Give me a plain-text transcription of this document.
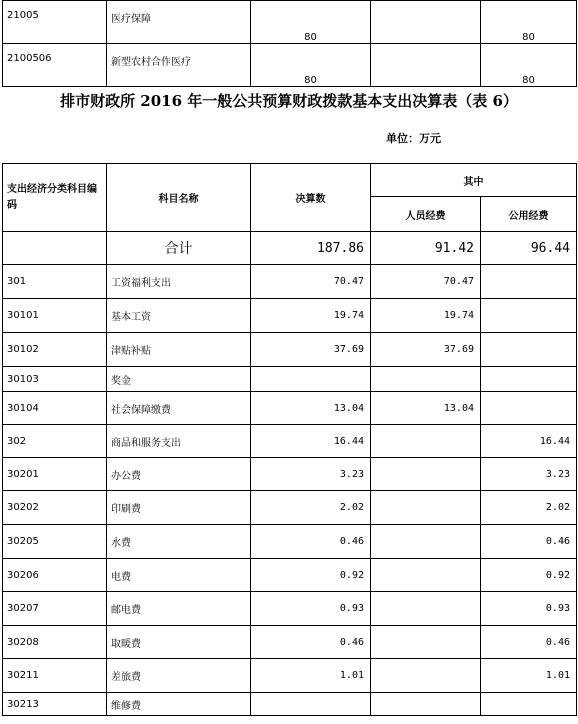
21005	医疗保障	80		80
2100506	新型农村合作医疗	80		80
排市财政所 2016 年一般公共预算财政拨款基本支出决算表（表 6）
单位：万元
支出经济分类科目编码	科目名称	决算数	其中	
			人员经费	公用经费
	合计	187.86	91.42	96.44
301	工资福利支出	70.47	70.47	
30101	基本工资	19.74	19.74	
30102	津贴补贴	37.69	37.69	
30103	奖金			
30104	社会保障缴费	13.04	13.04	
302	商品和服务支出	16.44		16.44
30201	办公费	3.23		3.23
30202	印刷费	2.02		2.02
30205	水费	0.46		0.46
30206	电费	0.92		0.92
30207	邮电费	0.93		0.93
30208	取暖费	0.46		0.46
30211	差旅费	1.01		1.01
30213	维修费			
